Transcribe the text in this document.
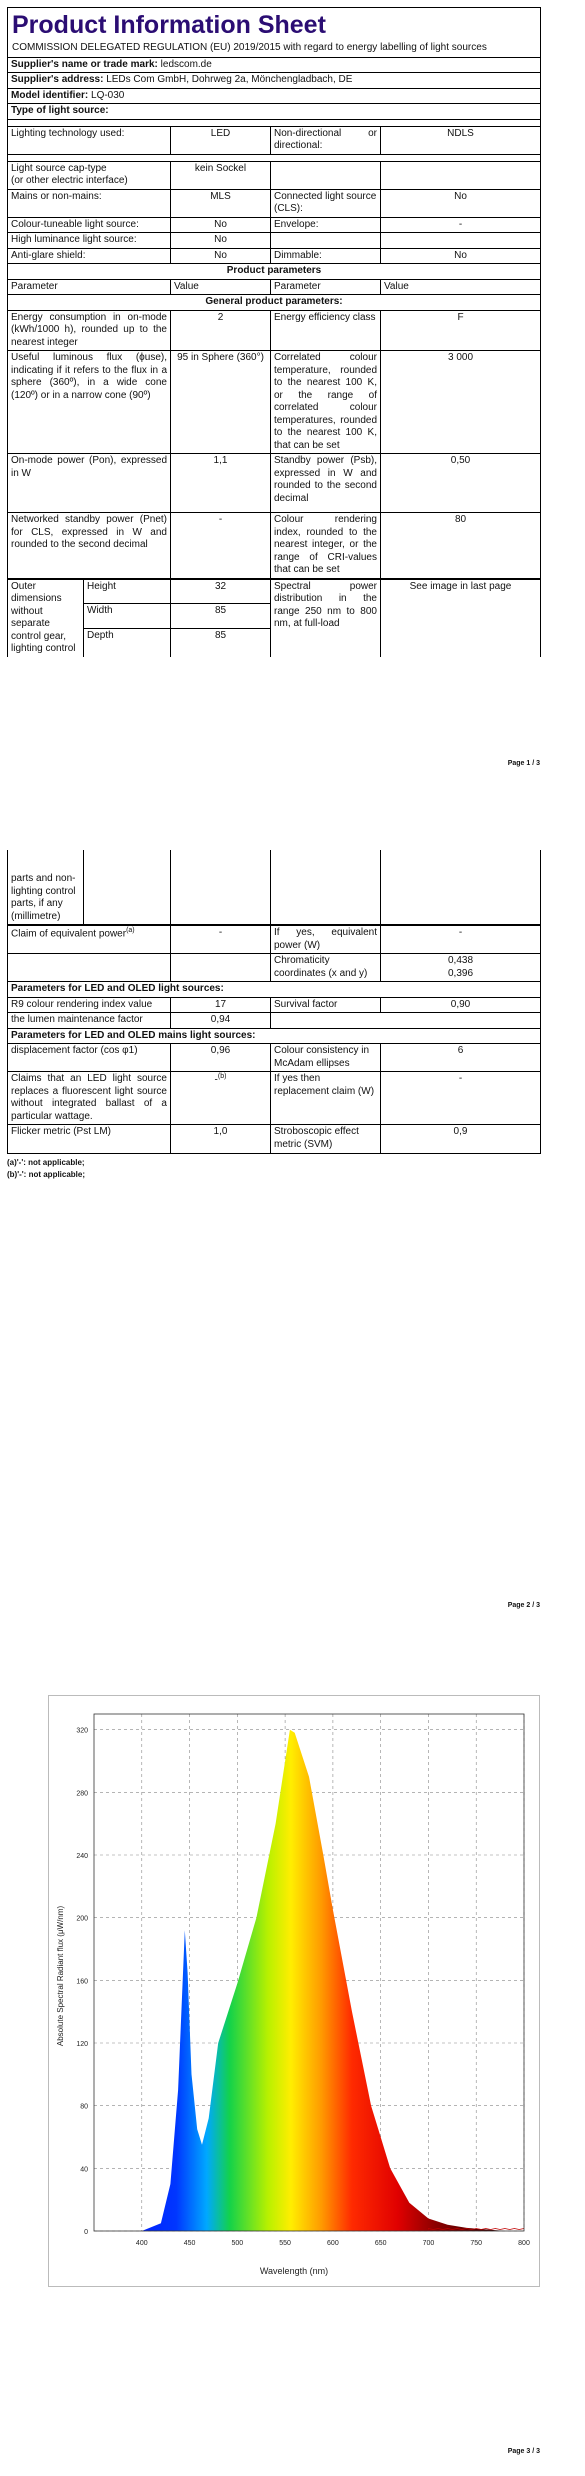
Product Information Sheet
COMMISSION DELEGATED REGULATION (EU) 2019/2015 with regard to energy labelling of light sources			

Supplier's name or trade mark: ledscom.de			
Supplier's address: LEDs Com GmbH, Dohrweg 2a, Mönchengladbach, DE			
Model identifier: LQ-030			
Type of light source:			

Lighting technology used:	LED	Non-directional or directional:	NDLS

Light source cap-type
(or other electric interface)	kein Sockel		
Mains or non-mains:	MLS	Connected light source (CLS):	No
Colour-tuneable light source:	No	Envelope:	-
High luminance light source:	No		
Anti-glare shield:	No	Dimmable:	No
Product parameters			
Parameter	Value	Parameter	Value
General product parameters:			
Energy consumption in on-mode (kWh/1000 h), rounded up to the nearest integer	2	Energy efficiency class	F
Useful luminous flux (ϕuse), indicating if it refers to the flux in a sphere (360º), in a wide cone (120º) or in a narrow cone (90º)	95 in Sphere (360°)	Correlated colour temperature, rounded to the nearest 100 K, or the range of correlated colour temperatures, rounded to the nearest 100 K, that can be set	3 000
On-mode power (Pon), expressed in W	1,1	Standby power (Psb), expressed in W and rounded to the second decimal	0,50
Networked standby power (Pnet) for CLS, expressed in W and rounded to the second decimal	-	Colour rendering index, rounded to the nearest integer, or the range of CRI-values that can be set	80
Outer dimensions without separate control gear, lighting control	Height	32	Spectral power distribution in the range 250 nm to 800 nm, at full-load	See image in last page
	Width	85		
	Depth	85		
Page 1 / 3
parts and non-lighting control parts, if any (millimetre)				
Claim of equivalent power$^{(a)}$	-	If yes, equivalent power (W)	-
		Chromaticity coordinates (x and y)	0,438
0,396

Parameters for LED and OLED light sources:			
R9 colour rendering index value	17	Survival factor	0,90
the lumen maintenance factor	0,94		
Parameters for LED and OLED mains light sources:			
displacement factor (cos φ1)	0,96	Colour consistency in McAdam ellipses	6
Claims that an LED light source replaces a fluorescent light source without integrated ballast of a particular wattage.	-$^{(b)}$	If yes then replacement claim (W)	-
Flicker metric (Pst LM)	1,0	Stroboscopic effect metric (SVM)	0,9
(a)'-': not applicable;
(b)'-': not applicable;
Page 2 / 3
0
40
80
120
160
200
240
280
320
400	450	500	550	600	650	700	750	800
Wavelength (nm)
Absolute Spectral Radiant flux (μW/nm)
Page 3 / 3
